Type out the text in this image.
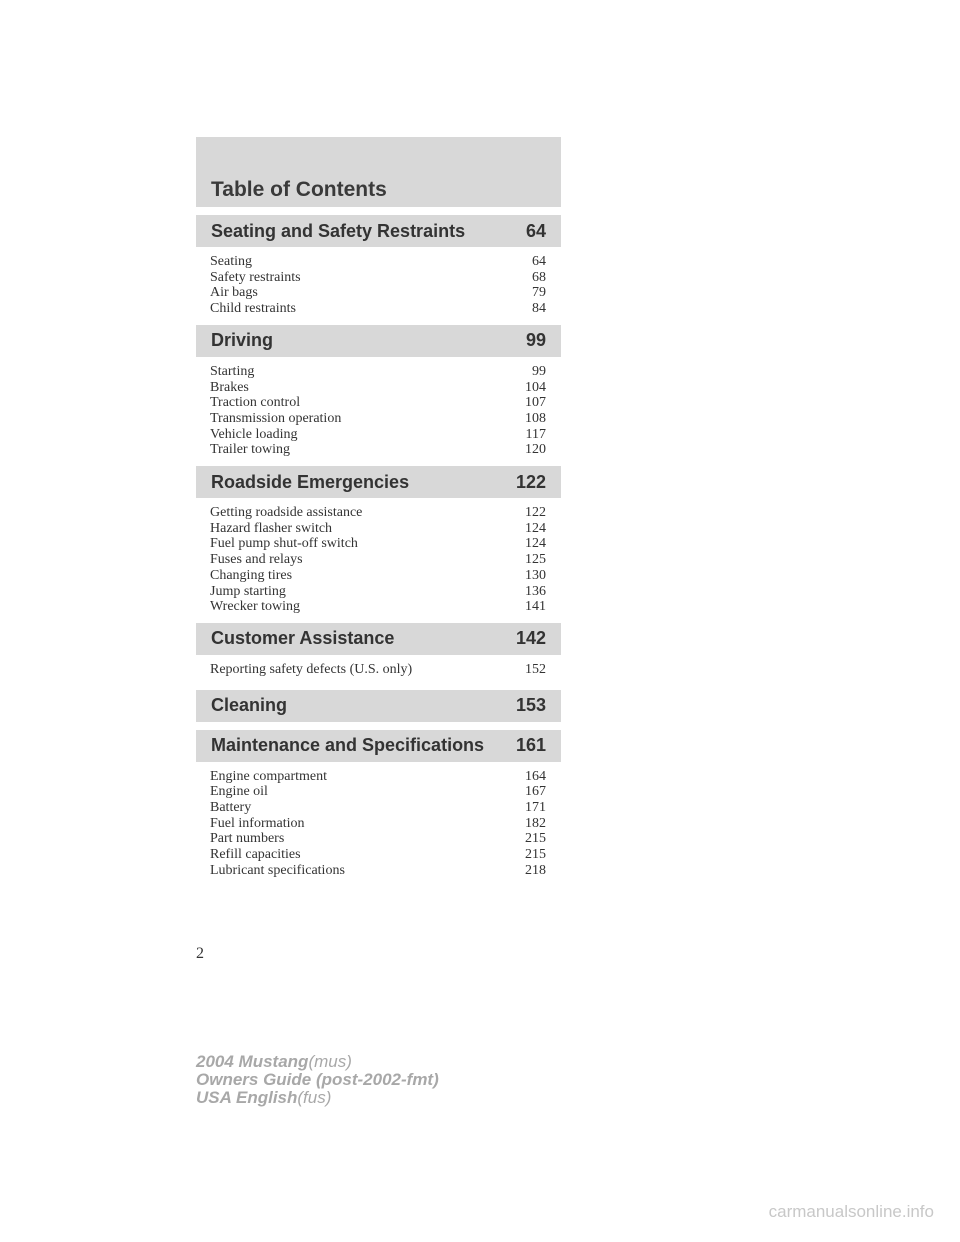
Table of Contents
Seating and Safety Restraints	64
Seating	64
Safety restraints	68
Air bags	79
Child restraints	84
Driving	99
Starting	99
Brakes	104
Traction control	107
Transmission operation	108
Vehicle loading	117
Trailer towing	120
Roadside Emergencies	122
Getting roadside assistance	122
Hazard flasher switch	124
Fuel pump shut-off switch	124
Fuses and relays	125
Changing tires	130
Jump starting	136
Wrecker towing	141
Customer Assistance	142
Reporting safety defects (U.S. only)	152
Cleaning	153
Maintenance and Specifications 161
Engine compartment	164
Engine oil	167
Battery	171
Fuel information	182
Part numbers	215
Refill capacities	215
Lubricant specifications	218
2
2004 Mustang(mus)
Owners Guide (post-2002-fmt)
USA English(fus)
carmanualsonline.info
